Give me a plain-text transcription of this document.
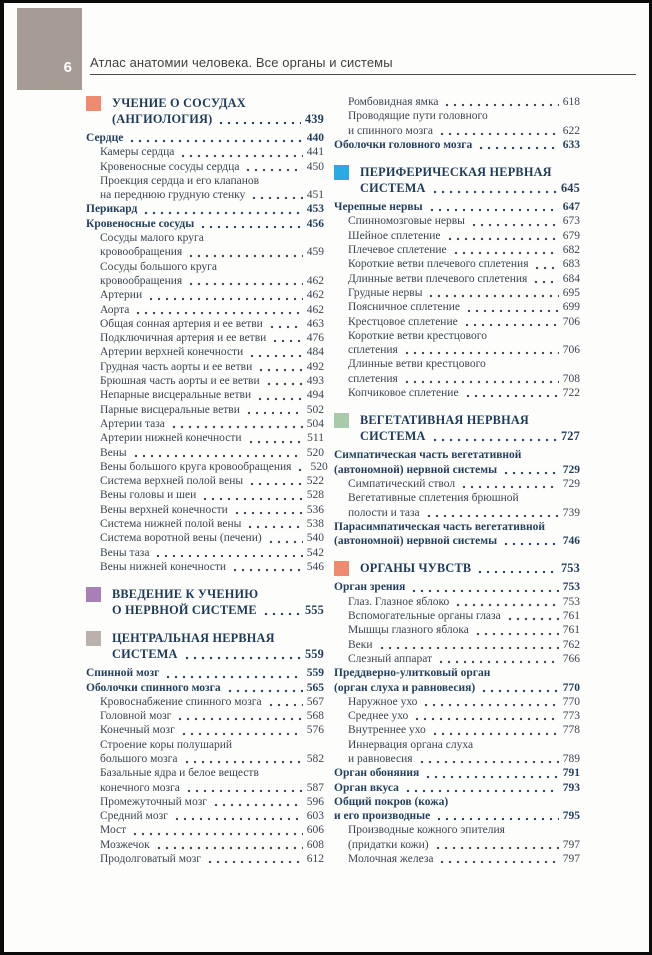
6 Атлас анатомии человека. Все органы и системы
УЧЕНИЕ О СОСУДАХ
(АНГИОЛОГИЯ)	439
Сердце	440
Камеры сердца	441
Кровеносные сосуды сердца	450
Проекция сердца и его клапанов
на переднюю грудную стенку	451
Перикард	453
Кровеносные сосуды	456
Сосуды малого круга
кровообращения	459
Сосуды большого круга
кровообращения	462
Артерии	462
Аорта	462
Общая сонная артерия и ее ветви	463
Подключичная артерия и ее ветви	476
Артерии верхней конечности	484
Грудная часть аорты и ее ветви	492
Брюшная часть аорты и ее ветви	493
Непарные висцеральные ветви	494
Парные висцеральные ветви	502
Артерии таза	504
Артерии нижней конечности	511
Вены	520
Вены большого круга кровообращения 520
Система верхней полой вены	522
Вены головы и шеи	528
Вены верхней конечности	536
Система нижней полой вены	538
Система воротной вены (печени)	540
Вены таза	542
Вены нижней конечности	546
ВВЕДЕНИЕ К УЧЕНИЮ
О НЕРВНОЙ СИСТЕМЕ	555
ЦЕНТРАЛЬНАЯ НЕРВНАЯ
СИСТЕМА	559
Спинной мозг	559
Оболочки спинного мозга	565
Кровоснабжение спинного мозга	567
Головной мозг	568
Конечный мозг	576
Строение коры полушарий
большого мозга	582
Базальные ядра и белое веществ
конечного мозга	587
Промежуточный мозг	596
Средний мозг	603
Мост	606
Мозжечок	608
Продолговатый мозг	612
Ромбовидная ямка	618
Проводящие пути головного
и спинного мозга	622
Оболочки головного мозга	633
ПЕРИФЕРИЧЕСКАЯ НЕРВНАЯ
СИСТЕМА	645
Черепные нервы	647
Спинномозговые нервы	673
Шейное сплетение	679
Плечевое сплетение	682
Короткие ветви плечевого сплетения	683
Длинные ветви плечевого сплетения	684
Грудные нервы	695
Поясничное сплетение	699
Крестцовое сплетение	706
Короткие ветви крестцового
сплетения	706
Длинные ветви крестцового
сплетения	708
Копчиковое сплетение	722
ВЕГЕТАТИВНАЯ НЕРВНАЯ
СИСТЕМА	727
Симпатическая часть вегетативной
(автономной) нервной системы	729
Симпатический ствол	729
Вегетативные сплетения брюшной
полости и таза	739
Парасимпатическая часть вегетативной
(автономной) нервной системы	746
ОРГАНЫ ЧУВСТВ	753
Орган зрения	753
Глаз. Глазное яблоко	753
Вспомогательные органы глаза	761
Мышцы глазного яблока	761
Веки	762
Слезный аппарат	766
Преддверно-улитковый орган
(орган слуха и равновесия)	770
Наружное ухо	770
Среднее ухо	773
Внутреннее ухо	778
Иннервация органа слуха
и равновесия	789
Орган обоняния	791
Орган вкуса	793
Общий покров (кожа)
и его производные	795
Производные кожного эпителия
(придатки кожи)	797
Молочная железа	797
